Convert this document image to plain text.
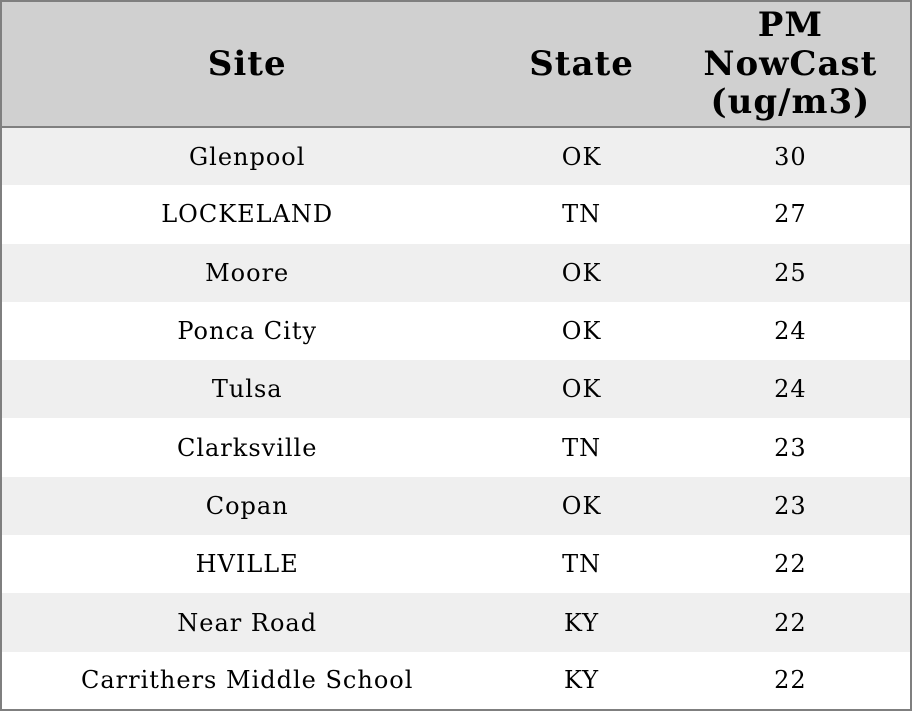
Site	State	PM NowCast (ug/m3)
Glenpool	OK	30
LOCKELAND	TN	27
Moore	OK	25
Ponca City	OK	24
Tulsa	OK	24
Clarksville	TN	23
Copan	OK	23
HVILLE	TN	22
Near Road	KY	22
Carrithers Middle School	KY	22
